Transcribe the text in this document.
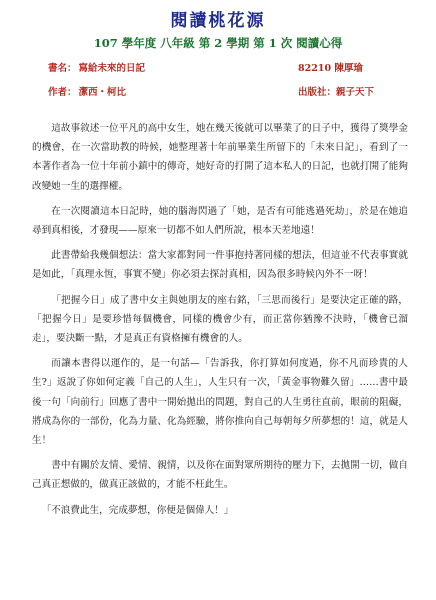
閱讀桃花源
107 學年度 八年級 第 2 學期 第 1 次 閱讀心得
書名： 寫給未來的日記	82210 陳厚瑜
作者： 潔西・柯比	出版社：親子天下

這故事敘述一位平凡的高中女生，她在幾天後就可以畢業了的日子中，獲得了獎學金的機會，在一次當助教的時候，她整理著十年前畢業生所留下的「未來日記」，看到了一本著作者為一位十年前小鎮中的傳奇，她好奇的打開了這本私人的日記，也就打開了能夠改變她一生的選擇權。

在一次閱讀這本日記時，她的腦海閃過了「她，是否有可能逃過死劫」，於是在她追尋到真相後，才發現——原來一切都不如人們所說，根本天差地遠！

此書帶給我幾個想法：當大家都對同一件事抱持著同樣的想法，但這並不代表事實就是如此，「真理永恆，事實不變」你必須去探討真相，因為很多時候內外不一呀！

「把握今日」成了書中女主與她朋友的座右銘，「三思而後行」是要決定正確的路，「把握今日」是要珍惜每個機會，同樣的機會少有，而正當你猶豫不決時，「機會已溜走」，要決斷一點，才是真正有資格擁有機會的人。

而讓本書得以運作的，是一句話—「告訴我，你打算如何度過，你不凡而珍貴的人生?」返說了你如何定義「自己的人生」，人生只有一次，「黃金事物難久留」……書中最後一句「向前行」回應了書中一開始拋出的問題，對自己的人生勇往直前，眼前的阻礙，將成為你的一部份，化為力量、化為經驗，將你推向自己每朝每夕所夢想的！這，就是人生！

書中有關於友情、愛情、親情，以及你在面對眾所期待的壓力下，去拋開一切，做自己真正想做的，做真正該做的，才能不枉此生。

「不浪費此生，完成夢想，你便是個偉人！」
